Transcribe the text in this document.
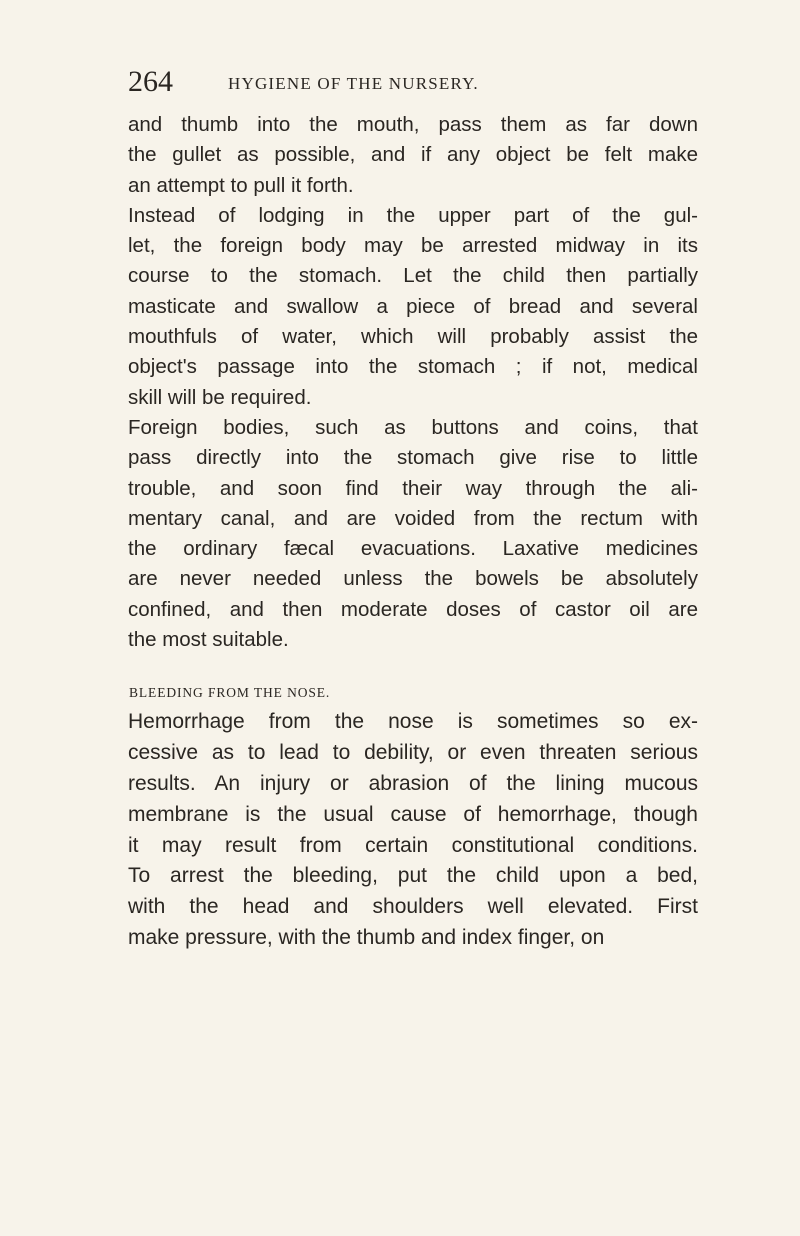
264	HYGIENE OF THE NURSERY.
and thumb into the mouth, pass them as far down
the gullet as possible, and if any object be felt make
an attempt to pull it forth.
Instead of lodging in the upper part of the gul-
let, the foreign body may be arrested midway in its
course to the stomach. Let the child then partially
masticate and swallow a piece of bread and several
mouthfuls of water, which will probably assist the
object's passage into the stomach ; if not, medical
skill will be required.
Foreign bodies, such as buttons and coins, that
pass directly into the stomach give rise to little
trouble, and soon find their way through the ali-
mentary canal, and are voided from the rectum with
the ordinary fæcal evacuations. Laxative medicines
are never needed unless the bowels be absolutely
confined, and then moderate doses of castor oil are
the most suitable.
BLEEDING FROM THE NOSE.
Hemorrhage from the nose is sometimes so ex-
cessive as to lead to debility, or even threaten serious
results. An injury or abrasion of the lining mucous
membrane is the usual cause of hemorrhage, though
it may result from certain constitutional conditions.
To arrest the bleeding, put the child upon a bed,
with the head and shoulders well elevated. First
make pressure, with the thumb and index finger, on
